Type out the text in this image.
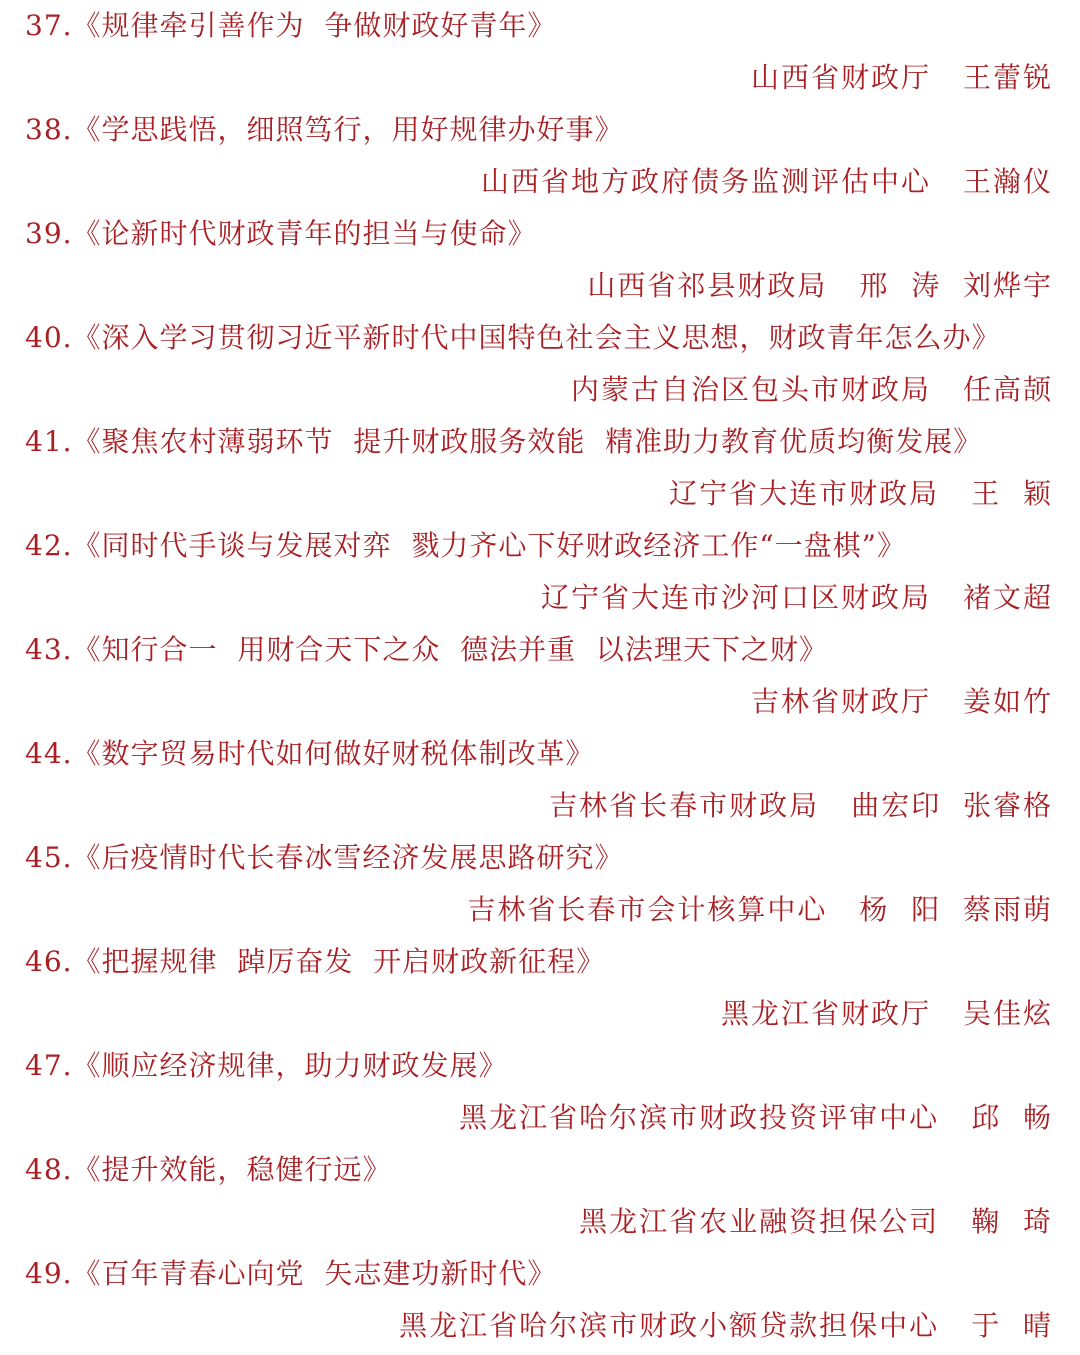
37.《规律牵引善作为  争做财政好青年》
山西省财政厅 王蕾锐
38.《学思践悟，细照笃行，用好规律办好事》
山西省地方政府债务监测评估中心 王瀚仪
39.《论新时代财政青年的担当与使命》
山西省祁县财政局 邢  涛  刘烨宇
40.《深入学习贯彻习近平新时代中国特色社会主义思想，财政青年怎么办》
内蒙古自治区包头市财政局 任高颉
41.《聚焦农村薄弱环节  提升财政服务效能  精准助力教育优质均衡发展》
辽宁省大连市财政局 王  颖
42.《同时代手谈与发展对弈  戮力齐心下好财政经济工作“一盘棋”》
辽宁省大连市沙河口区财政局 褚文超
43.《知行合一  用财合天下之众  德法并重  以法理天下之财》
吉林省财政厅 姜如竹
44.《数字贸易时代如何做好财税体制改革》
吉林省长春市财政局 曲宏印  张睿格
45.《后疫情时代长春冰雪经济发展思路研究》
吉林省长春市会计核算中心 杨  阳  蔡雨萌
46.《把握规律  踔厉奋发  开启财政新征程》
黑龙江省财政厅 吴佳炫
47.《顺应经济规律，助力财政发展》
黑龙江省哈尔滨市财政投资评审中心 邱  畅
48.《提升效能，稳健行远》
黑龙江省农业融资担保公司 鞠  琦
49.《百年青春心向党  矢志建功新时代》
黑龙江省哈尔滨市财政小额贷款担保中心 于  晴
